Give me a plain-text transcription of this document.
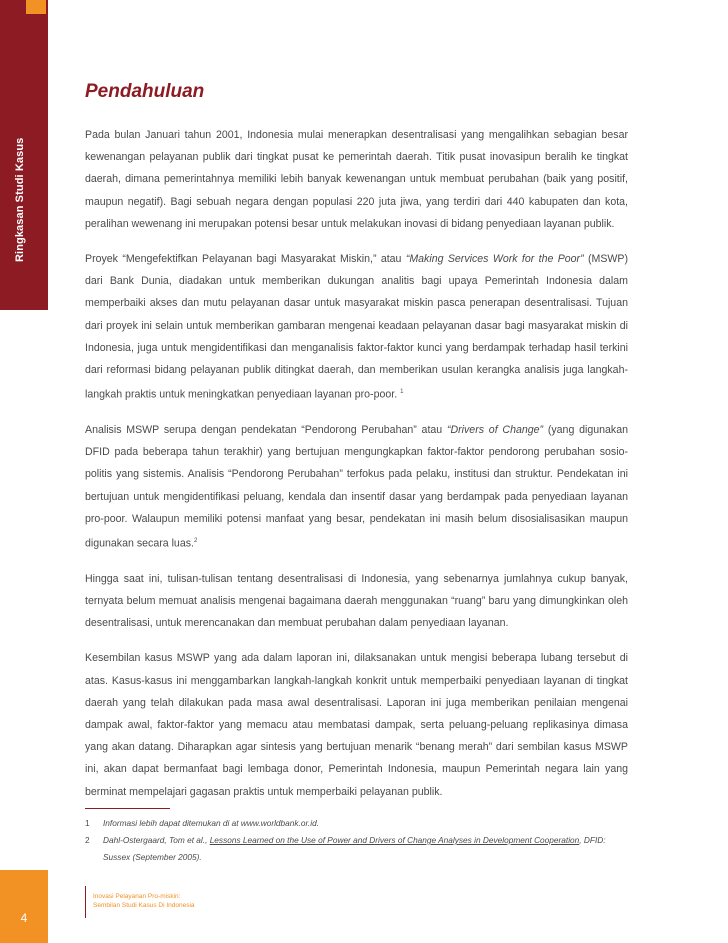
Ringkasan Studi Kasus
4
Pendahuluan

Pada bulan Januari tahun 2001, Indonesia mulai menerapkan desentralisasi yang mengalihkan sebagian besar kewenangan pelayanan publik dari tingkat pusat ke pemerintah daerah. Titik pusat inovasipun beralih ke tingkat daerah, dimana pemerintahnya memiliki lebih banyak kewenangan untuk membuat perubahan (baik yang positif, maupun negatif). Bagi sebuah negara dengan populasi 220 juta jiwa, yang terdiri dari 440 kabupaten dan kota, peralihan wewenang ini merupakan potensi besar untuk melakukan inovasi di bidang penyediaan layanan publik.

Proyek “Mengefektifkan Pelayanan bagi Masyarakat Miskin,” atau “Making Services Work for the Poor” (MSWP) dari Bank Dunia, diadakan untuk memberikan dukungan analitis bagi upaya Pemerintah Indonesia dalam memperbaiki akses dan mutu pelayanan dasar untuk masyarakat miskin pasca penerapan desentralisasi. Tujuan dari proyek ini selain untuk memberikan gambaran mengenai keadaan pelayanan dasar bagi masyarakat miskin di Indonesia, juga untuk mengidentifikasi dan menganalisis faktor-faktor kunci yang berdampak terhadap hasil terkini dari reformasi bidang pelayanan publik ditingkat daerah, dan memberikan usulan kerangka analisis juga langkah-langkah praktis untuk meningkatkan penyediaan layanan pro-poor. $^1$

Analisis MSWP serupa dengan pendekatan “Pendorong Perubahan” atau “Drivers of Change” (yang digunakan DFID pada beberapa tahun terakhir) yang bertujuan mengungkapkan faktor-faktor pendorong perubahan sosio-politis yang sistemis. Analisis “Pendorong Perubahan” terfokus pada pelaku, institusi dan struktur. Pendekatan ini bertujuan untuk mengidentifikasi peluang, kendala dan insentif dasar yang berdampak pada penyediaan layanan pro-poor. Walaupun memiliki potensi manfaat yang besar, pendekatan ini masih belum disosialisasikan maupun digunakan secara luas.$^2$

Hingga saat ini, tulisan-tulisan tentang desentralisasi di Indonesia, yang sebenarnya jumlahnya cukup banyak, ternyata belum memuat analisis mengenai bagaimana daerah menggunakan “ruang” baru yang dimungkinkan oleh desentralisasi, untuk merencanakan dan membuat perubahan dalam penyediaan layanan.

Kesembilan kasus MSWP yang ada dalam laporan ini, dilaksanakan untuk mengisi beberapa lubang tersebut di atas. Kasus-kasus ini menggambarkan langkah-langkah konkrit untuk memperbaiki penyediaan layanan di tingkat daerah yang telah dilakukan pada masa awal desentralisasi. Laporan ini juga memberikan penilaian mengenai dampak awal, faktor-faktor yang memacu atau membatasi dampak, serta peluang-peluang replikasinya dimasa yang akan datang. Diharapkan agar sintesis yang bertujuan menarik “benang merah” dari sembilan kasus MSWP ini, akan dapat bermanfaat bagi lembaga donor, Pemerintah Indonesia, maupun Pemerintah negara lain yang berminat mempelajari gagasan praktis untuk memperbaiki pelayanan publik.

1	Informasi lebih dapat ditemukan di at www.worldbank.or.id.
2	Dahl-Ostergaard, Tom et al., Lessons Learned on the Use of Power and Drivers of Change Analyses in Development Cooperation, DFID: Sussex (September 2005).
Inovasi Pelayanan Pro-miskin:
Sembilan Studi Kasus Di Indonesia
